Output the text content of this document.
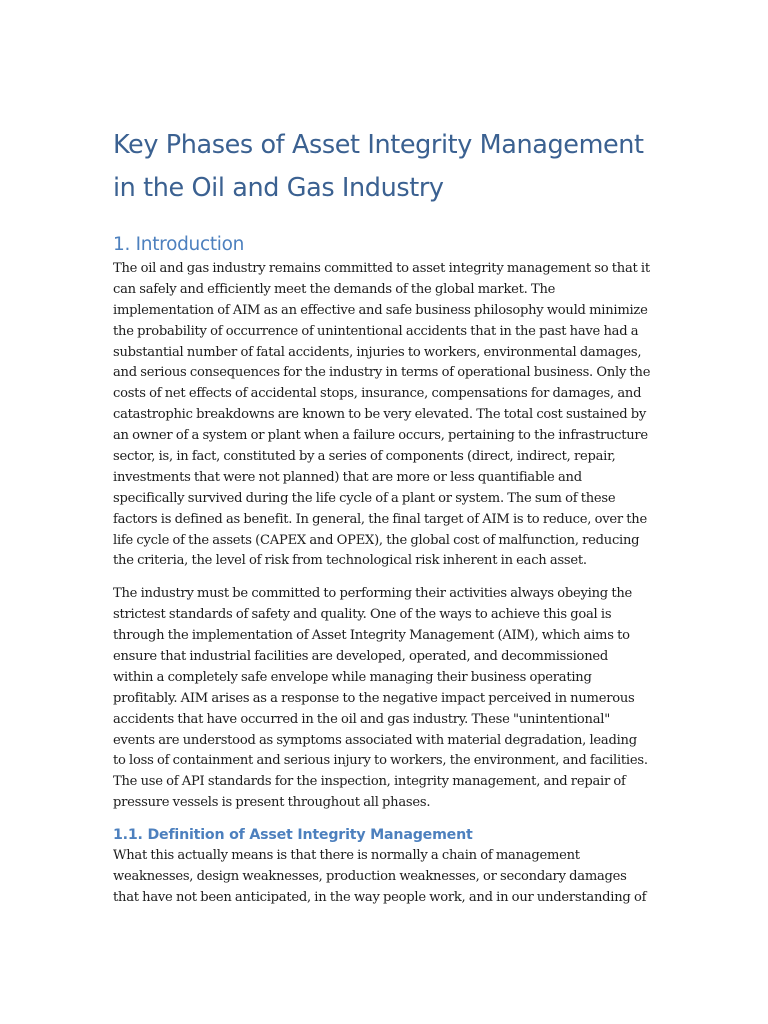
Key Phases of Asset Integrity Management
in the Oil and Gas Industry
1. Introduction

The oil and gas industry remains committed to asset integrity management so that it
can safely and efficiently meet the demands of the global market. The
implementation of AIM as an effective and safe business philosophy would minimize
the probability of occurrence of unintentional accidents that in the past have had a
substantial number of fatal accidents, injuries to workers, environmental damages,
and serious consequences for the industry in terms of operational business. Only the
costs of net effects of accidental stops, insurance, compensations for damages, and
catastrophic breakdowns are known to be very elevated. The total cost sustained by
an owner of a system or plant when a failure occurs, pertaining to the infrastructure
sector, is, in fact, constituted by a series of components (direct, indirect, repair,
investments that were not planned) that are more or less quantifiable and
specifically survived during the life cycle of a plant or system. The sum of these
factors is defined as benefit. In general, the final target of AIM is to reduce, over the
life cycle of the assets (CAPEX and OPEX), the global cost of malfunction, reducing
the criteria, the level of risk from technological risk inherent in each asset.

The industry must be committed to performing their activities always obeying the
strictest standards of safety and quality. One of the ways to achieve this goal is
through the implementation of Asset Integrity Management (AIM), which aims to
ensure that industrial facilities are developed, operated, and decommissioned
within a completely safe envelope while managing their business operating
profitably. AIM arises as a response to the negative impact perceived in numerous
accidents that have occurred in the oil and gas industry. These "unintentional"
events are understood as symptoms associated with material degradation, leading
to loss of containment and serious injury to workers, the environment, and facilities.
The use of API standards for the inspection, integrity management, and repair of
pressure vessels is present throughout all phases.

1.1. Definition of Asset Integrity Management

What this actually means is that there is normally a chain of management
weaknesses, design weaknesses, production weaknesses, or secondary damages
that have not been anticipated, in the way people work, and in our understanding of
